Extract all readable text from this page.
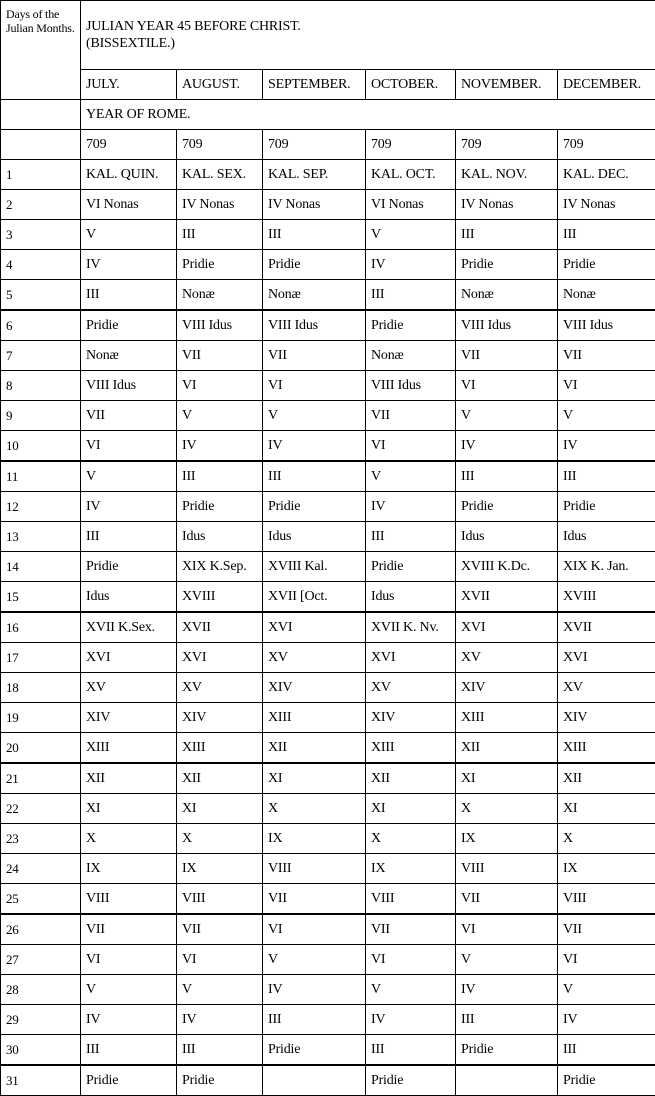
Days of the Julian Months.	JULIAN YEAR 45 BEFORE CHRIST.
(BISSEXTILE.)					
	JULY.	AUGUST.	SEPTEMBER.	OCTOBER.	NOVEMBER.	DECEMBER.
	YEAR OF ROME.					
	709	709	709	709	709	709
1	KAL. QUIN.	KAL. SEX.	KAL. SEP.	KAL. OCT.	KAL. NOV.	KAL. DEC.
2	VI Nonas	IV Nonas	IV Nonas	VI Nonas	IV Nonas	IV Nonas
3	V	III	III	V	III	III
4	IV	Pridie	Pridie	IV	Pridie	Pridie
5	III	Nonæ	Nonæ	III	Nonæ	Nonæ
6	Pridie	VIII Idus	VIII Idus	Pridie	VIII Idus	VIII Idus
7	Nonæ	VII	VII	Nonæ	VII	VII
8	VIII Idus	VI	VI	VIII Idus	VI	VI
9	VII	V	V	VII	V	V
10	VI	IV	IV	VI	IV	IV
11	V	III	III	V	III	III
12	IV	Pridie	Pridie	IV	Pridie	Pridie
13	III	Idus	Idus	III	Idus	Idus
14	Pridie	XIX K.Sep.	XVIII Kal.	Pridie	XVIII K.Dc.	XIX K. Jan.
15	Idus	XVIII	XVII [Oct.	Idus	XVII	XVIII
16	XVII K.Sex.	XVII	XVI	XVII K. Nv.	XVI	XVII
17	XVI	XVI	XV	XVI	XV	XVI
18	XV	XV	XIV	XV	XIV	XV
19	XIV	XIV	XIII	XIV	XIII	XIV
20	XIII	XIII	XII	XIII	XII	XIII
21	XII	XII	XI	XII	XI	XII
22	XI	XI	X	XI	X	XI
23	X	X	IX	X	IX	X
24	IX	IX	VIII	IX	VIII	IX
25	VIII	VIII	VII	VIII	VII	VIII
26	VII	VII	VI	VII	VI	VII
27	VI	VI	V	VI	V	VI
28	V	V	IV	V	IV	V
29	IV	IV	III	IV	III	IV
30	III	III	Pridie	III	Pridie	III
31	Pridie	Pridie		Pridie		Pridie
